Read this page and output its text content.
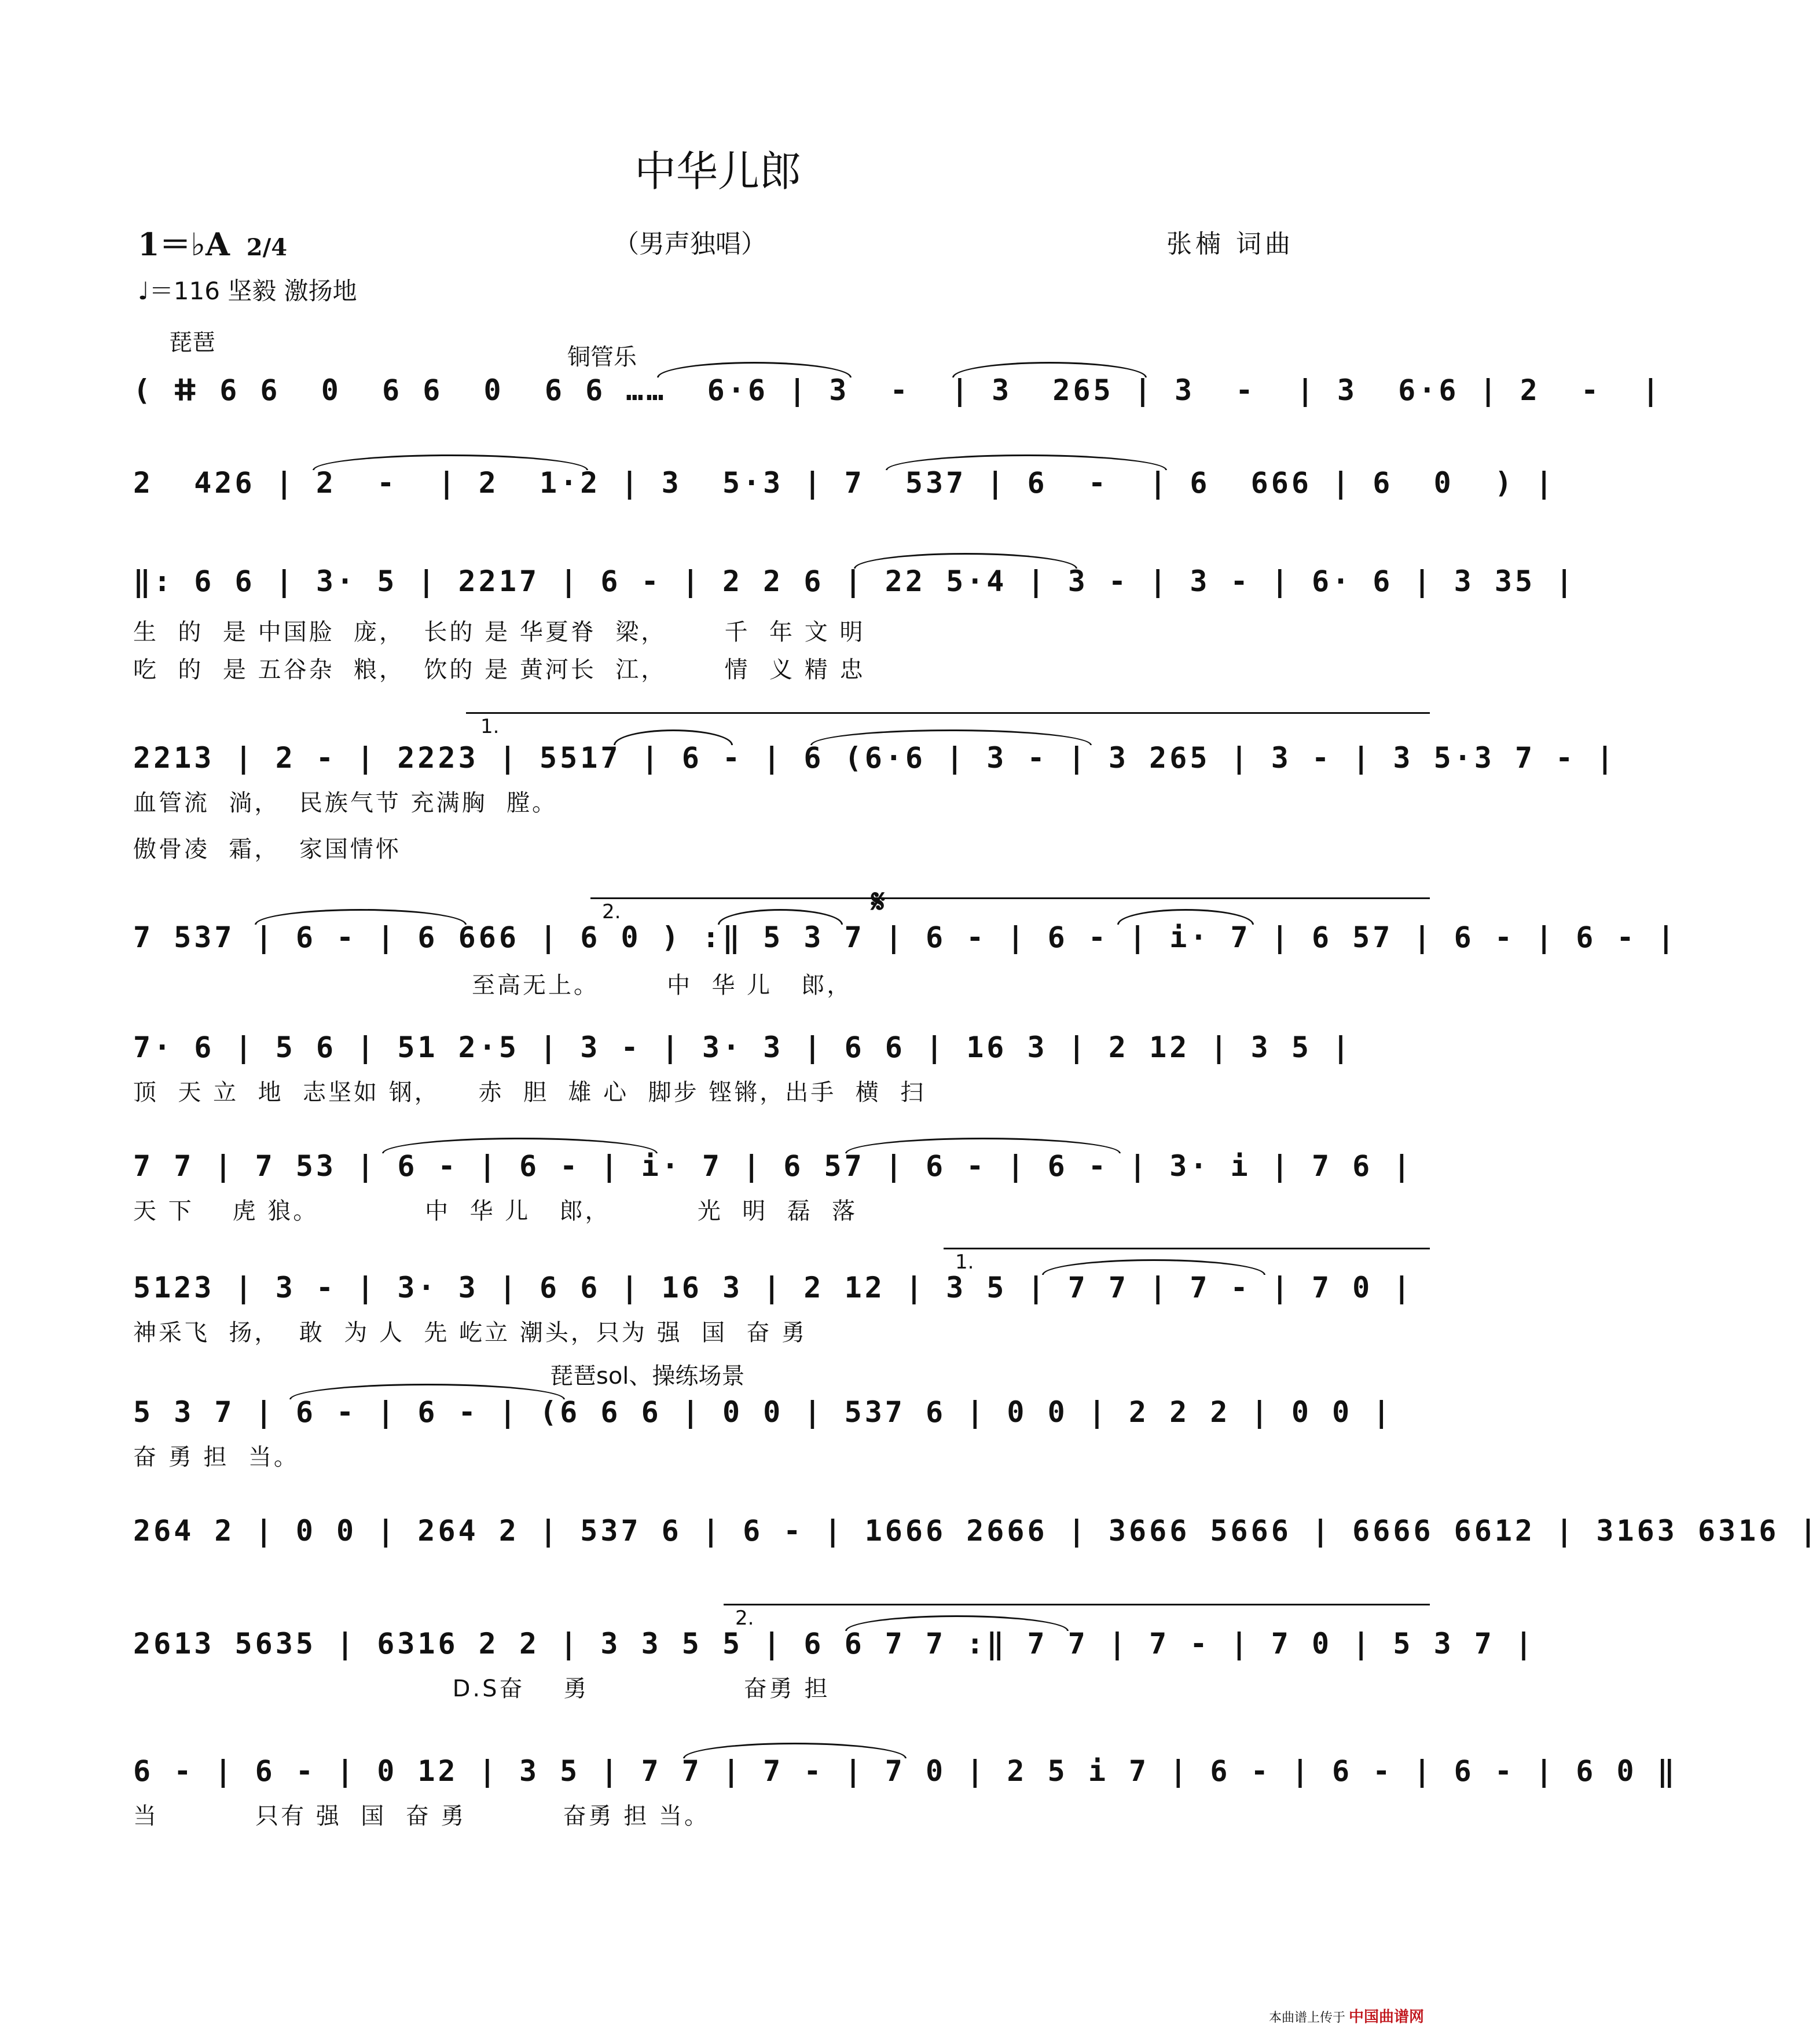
中华儿郎
（男声独唱）	张楠 词曲
1＝♭A 2/4
♩＝116 坚毅 激扬地
琵琶
铜管乐
琵琶sol、操练场景
( ⵌ 6 6  0  6 6  0  6 6 ……  6·6 | 3  -  | 3  265 | 3  -  | 3  6·6 | 2  -  |
2  426 | 2  -  | 2  1·2 | 3  5·3 | 7  537 | 6  -  | 6  666 | 6  0  ) |
‖: 6 6 | 3· 5 | 2217 | 6 - | 2 2 6 | 22 5·4 | 3 - | 3 - | 6· 6 | 3 35 |
生  的  是 中国脸  庞，  长的 是 华夏脊  梁，      千  年 文 明
吃  的  是 五谷杂  粮，  饮的 是 黄河长  江，      情  义 精 忠
1.
2213 | 2 - | 2223 | 5517 | 6 - | 6 (6·6 | 3 - | 3 265 | 3 - | 3 5·3 7 - |
血管流  淌，  民族气节 充满胸  膛。
傲骨凌  霜，  家国情怀
2.	𝄋
7 537 | 6 - | 6 666 | 6 0 ) :‖ 5 3 7 | 6 - | 6 - | i· 7 | 6 57 | 6 - | 6 - |
至高无上。       中  华 儿   郎，
7· 6 | 5 6 | 51 2·5 | 3 - | 3· 3 | 6 6 | 16 3 | 2 12 | 3 5 |
顶  天 立  地  志坚如 钢，    赤  胆  雄 心  脚步 铿锵，出手  横  扫
7 7 | 7 53 | 6 - | 6 - | i· 7 | 6 57 | 6 - | 6 - | 3· i | 7 6 |
天 下    虎 狼。           中  华 儿   郎，         光  明  磊  落
1.
5123 | 3 - | 3· 3 | 6 6 | 16 3 | 2 12 | 3 5 | 7 7 | 7 - | 7 0 |
神采飞  扬，  敢  为 人  先 屹立 潮头，只为 强  国  奋 勇
5 3 7 | 6 - | 6 - | (6 6 6 | 0 0 | 537 6 | 0 0 | 2 2 2 | 0 0 |
奋 勇 担  当。
264 2 | 0 0 | 264 2 | 537 6 | 6 - | 1666 2666 | 3666 5666 | 6666 6612 | 3163 6316 |
2.
2613 5635 | 6316 2 2 | 3 3 5 5 | 6 6 7 7 :‖ 7 7 | 7 - | 7 0 | 5 3 7 |
D.S奋    勇                奋勇 担
6 - | 6 - | 0 12 | 3 5 | 7 7 | 7 - | 7 0 | 2 5 i 7 | 6 - | 6 - | 6 - | 6 0 ‖
当          只有 强  国  奋 勇          奋勇 担 当。
本曲谱上传于 中国曲谱网
